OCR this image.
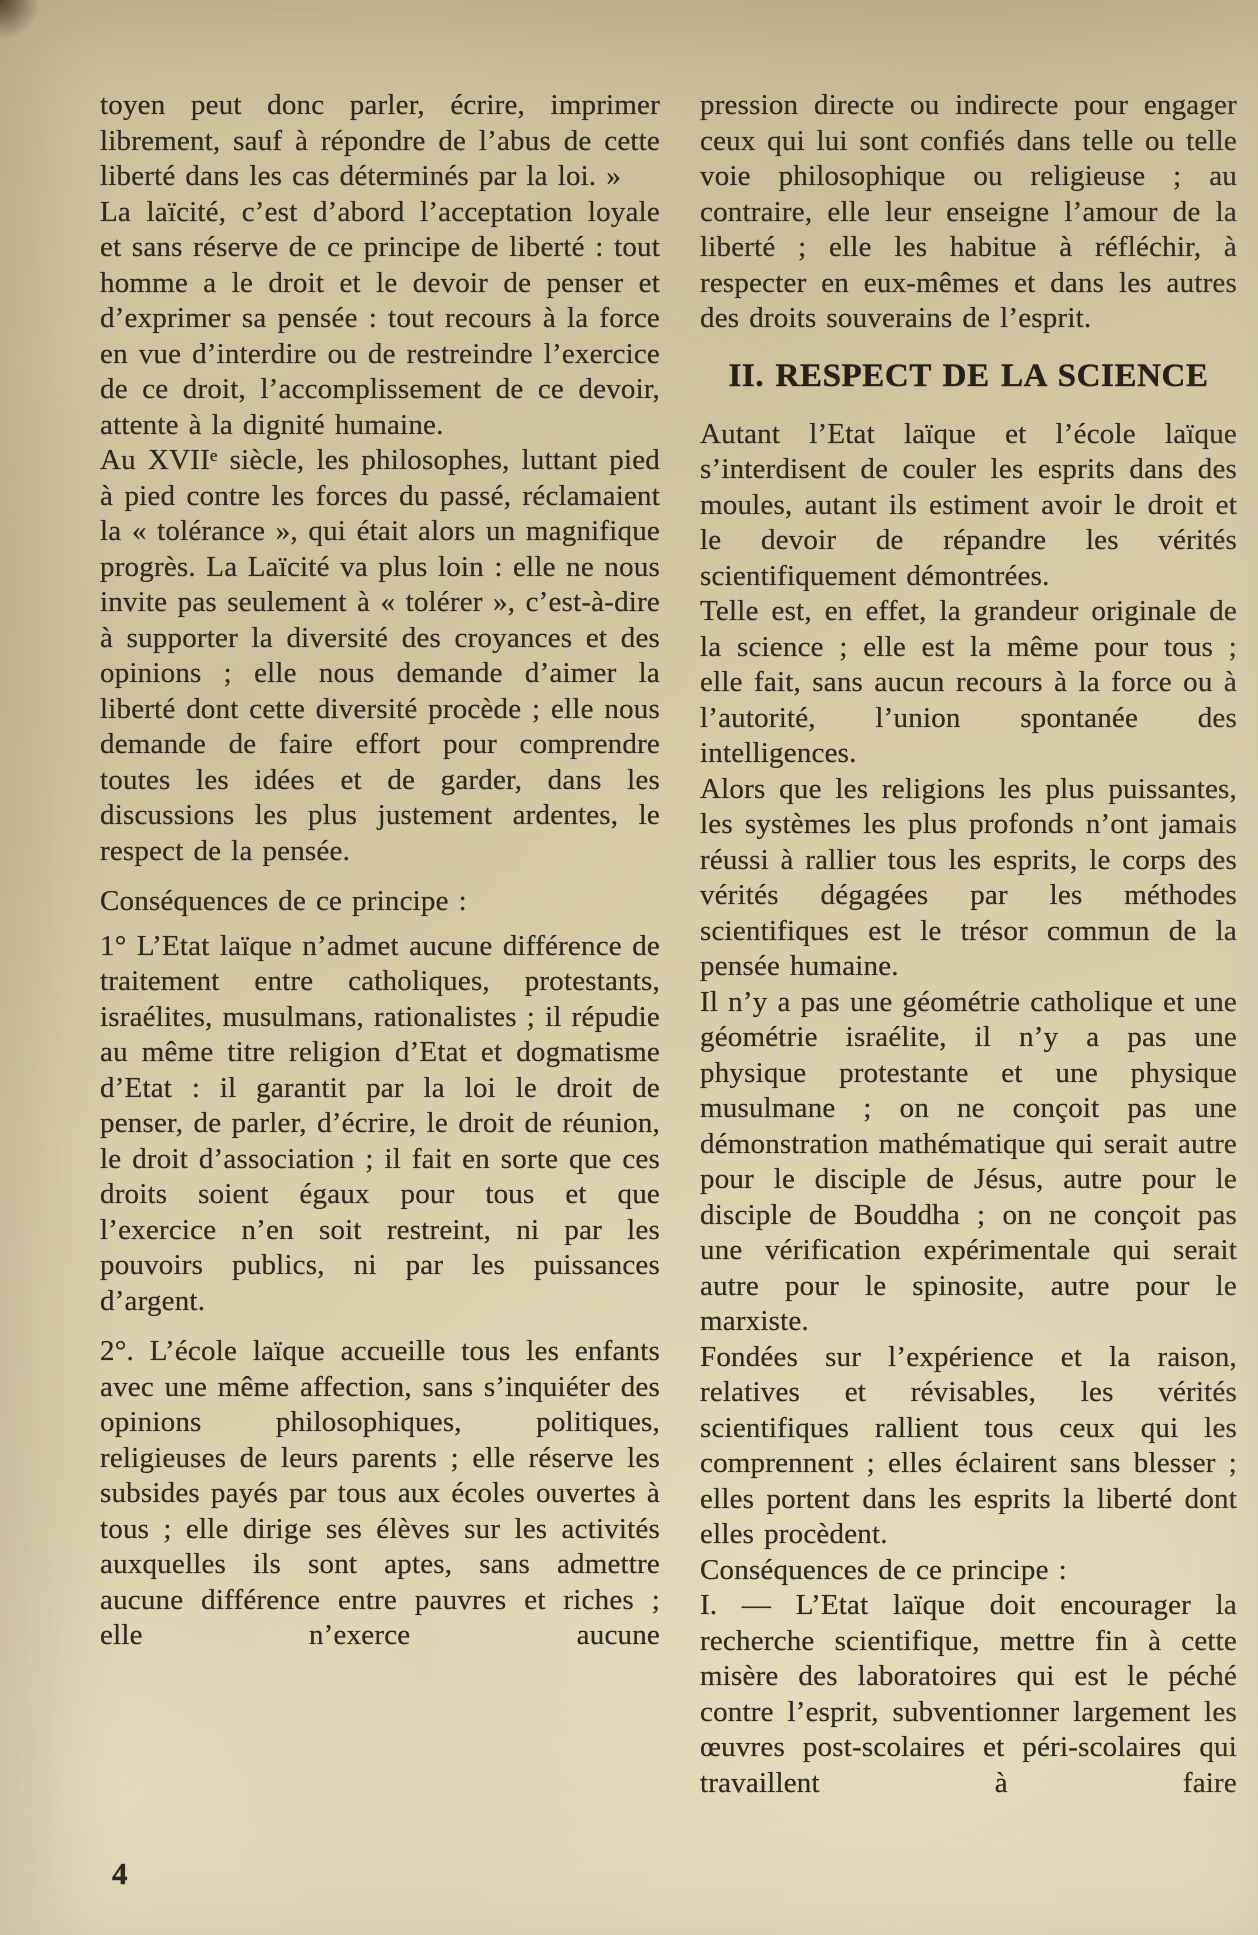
toyen peut donc parler, écrire, imprimer librement, sauf à répondre de l’abus de cette liberté dans les cas déterminés par la loi. »

La laïcité, c’est d’abord l’acceptation loyale et sans réserve de ce principe de liberté : tout homme a le droit et le devoir de penser et d’exprimer sa pensée : tout recours à la force en vue d’interdire ou de restreindre l’exercice de ce droit, l’accomplissement de ce devoir, attente à la dignité humaine.

Au XVIIᵉ siècle, les philosophes, luttant pied à pied contre les forces du passé, réclamaient la « tolérance », qui était alors un magnifique progrès. La Laïcité va plus loin : elle ne nous invite pas seulement à « tolérer », c’est-à-dire à supporter la diversité des croyances et des opinions ; elle nous demande d’aimer la liberté dont cette diversité procède ; elle nous demande de faire effort pour comprendre toutes les idées et de garder, dans les discussions les plus justement ardentes, le respect de la pensée.

Conséquences de ce principe :

1° L’Etat laïque n’admet aucune différence de traitement entre catholiques, protestants, israélites, musulmans, rationalistes ; il répudie au même titre religion d’Etat et dogmatisme d’Etat : il garantit par la loi le droit de penser, de parler, d’écrire, le droit de réunion, le droit d’association ; il fait en sorte que ces droits soient égaux pour tous et que l’exercice n’en soit restreint, ni par les pouvoirs publics, ni par les puissances d’argent.

2°. L’école laïque accueille tous les enfants avec une même affection, sans s’inquiéter des opinions philosophiques, politiques, religieuses de leurs parents ; elle réserve les subsides payés par tous aux écoles ouvertes à tous ; elle dirige ses élèves sur les activités auxquelles ils sont aptes, sans admettre aucune différence entre pauvres et riches ; elle n’exerce aucune

pression directe ou indirecte pour engager ceux qui lui sont confiés dans telle ou telle voie philosophique ou religieuse ; au contraire, elle leur enseigne l’amour de la liberté ; elle les habitue à réfléchir, à respecter en eux-mêmes et dans les autres des droits souverains de l’esprit.

II. RESPECT DE LA SCIENCE

Autant l’Etat laïque et l’école laïque s’interdisent de couler les esprits dans des moules, autant ils estiment avoir le droit et le devoir de répandre les vérités scientifiquement démontrées.

Telle est, en effet, la grandeur originale de la science ; elle est la même pour tous ; elle fait, sans aucun recours à la force ou à l’autorité, l’union spontanée des intelligences.

Alors que les religions les plus puissantes, les systèmes les plus profonds n’ont jamais réussi à rallier tous les esprits, le corps des vérités dégagées par les méthodes scientifiques est le trésor commun de la pensée humaine.

Il n’y a pas une géométrie catholique et une géométrie israélite, il n’y a pas une physique protestante et une physique musulmane ; on ne conçoit pas une démonstration mathématique qui serait autre pour le disciple de Jésus, autre pour le disciple de Bouddha ; on ne conçoit pas une vérification expérimentale qui serait autre pour le spinosite, autre pour le marxiste.

Fondées sur l’expérience et la raison, relatives et révisables, les vérités scientifiques rallient tous ceux qui les comprennent ; elles éclairent sans blesser ; elles portent dans les esprits la liberté dont elles procèdent.

Conséquences de ce principe :

I. — L’Etat laïque doit encourager la recherche scientifique, mettre fin à cette misère des laboratoires qui est le péché contre l’esprit, subventionner largement les œuvres post-scolaires et péri-scolaires qui travaillent à faire

4
